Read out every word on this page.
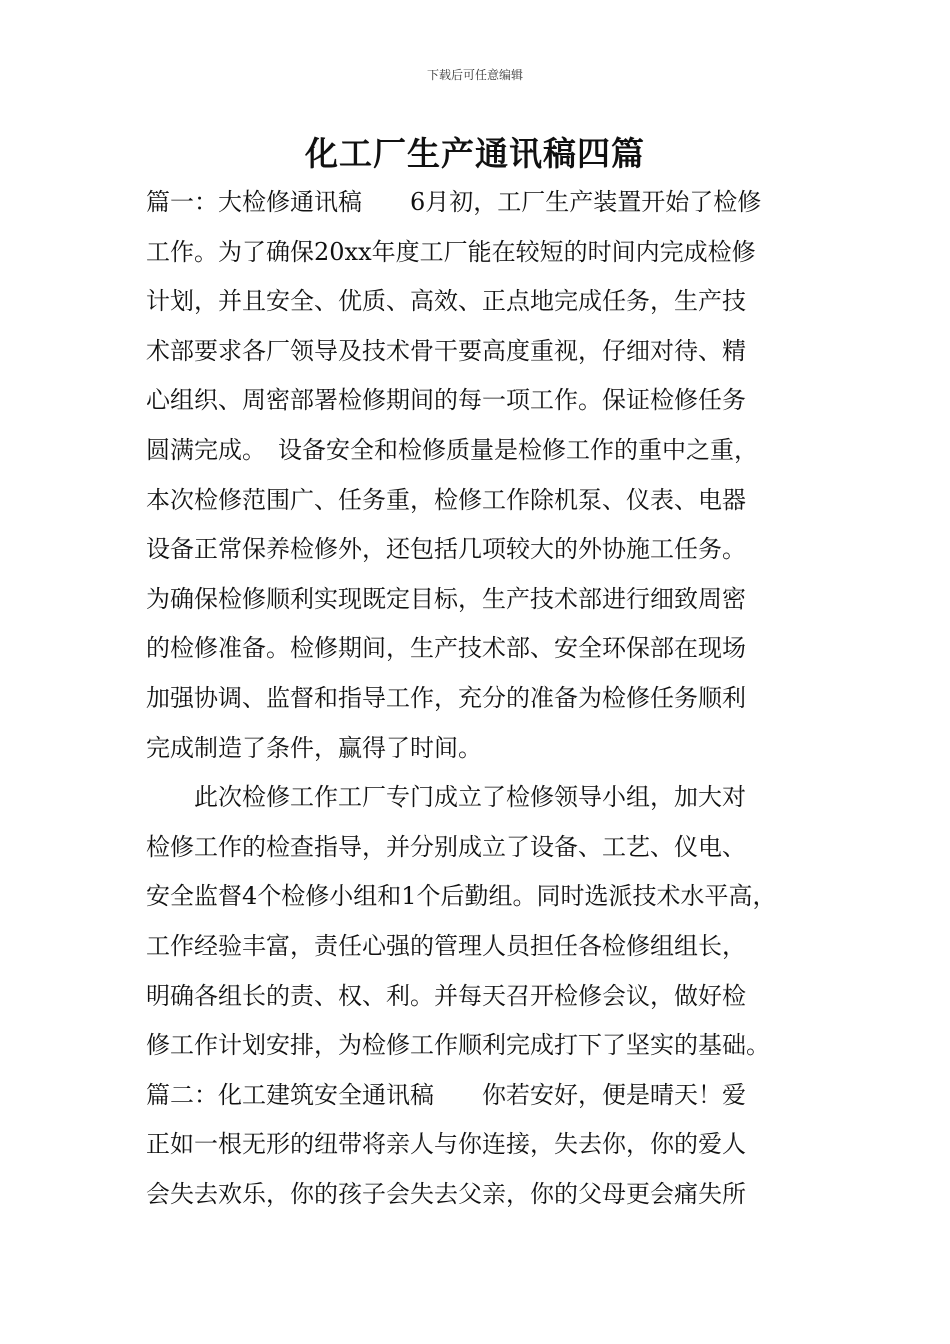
下载后可任意编辑
化工厂生产通讯稿四篇
篇一：大检修通讯稿　　6月初，工厂生产装置开始了检修
工作。为了确保20xx年度工厂能在较短的时间内完成检修
计划，并且安全、优质、高效、正点地完成任务，生产技
术部要求各厂领导及技术骨干要高度重视，仔细对待、精
心组织、周密部署检修期间的每一项工作。保证检修任务
圆满完成。　设备安全和检修质量是检修工作的重中之重，
本次检修范围广、任务重，检修工作除机泵、仪表、电器
设备正常保养检修外，还包括几项较大的外协施工任务。
为确保检修顺利实现既定目标，生产技术部进行细致周密
的检修准备。检修期间，生产技术部、安全环保部在现场
加强协调、监督和指导工作，充分的准备为检修任务顺利
完成制造了条件，赢得了时间。
　　此次检修工作工厂专门成立了检修领导小组，加大对
检修工作的检查指导，并分别成立了设备、工艺、仪电、
安全监督4个检修小组和1个后勤组。同时选派技术水平高，
工作经验丰富，责任心强的管理人员担任各检修组组长，
明确各组长的责、权、利。并每天召开检修会议，做好检
修工作计划安排，为检修工作顺利完成打下了坚实的基础。
篇二：化工建筑安全通讯稿　　你若安好，便是晴天！爱
正如一根无形的纽带将亲人与你连接，失去你，你的爱人
会失去欢乐，你的孩子会失去父亲，你的父母更会痛失所
